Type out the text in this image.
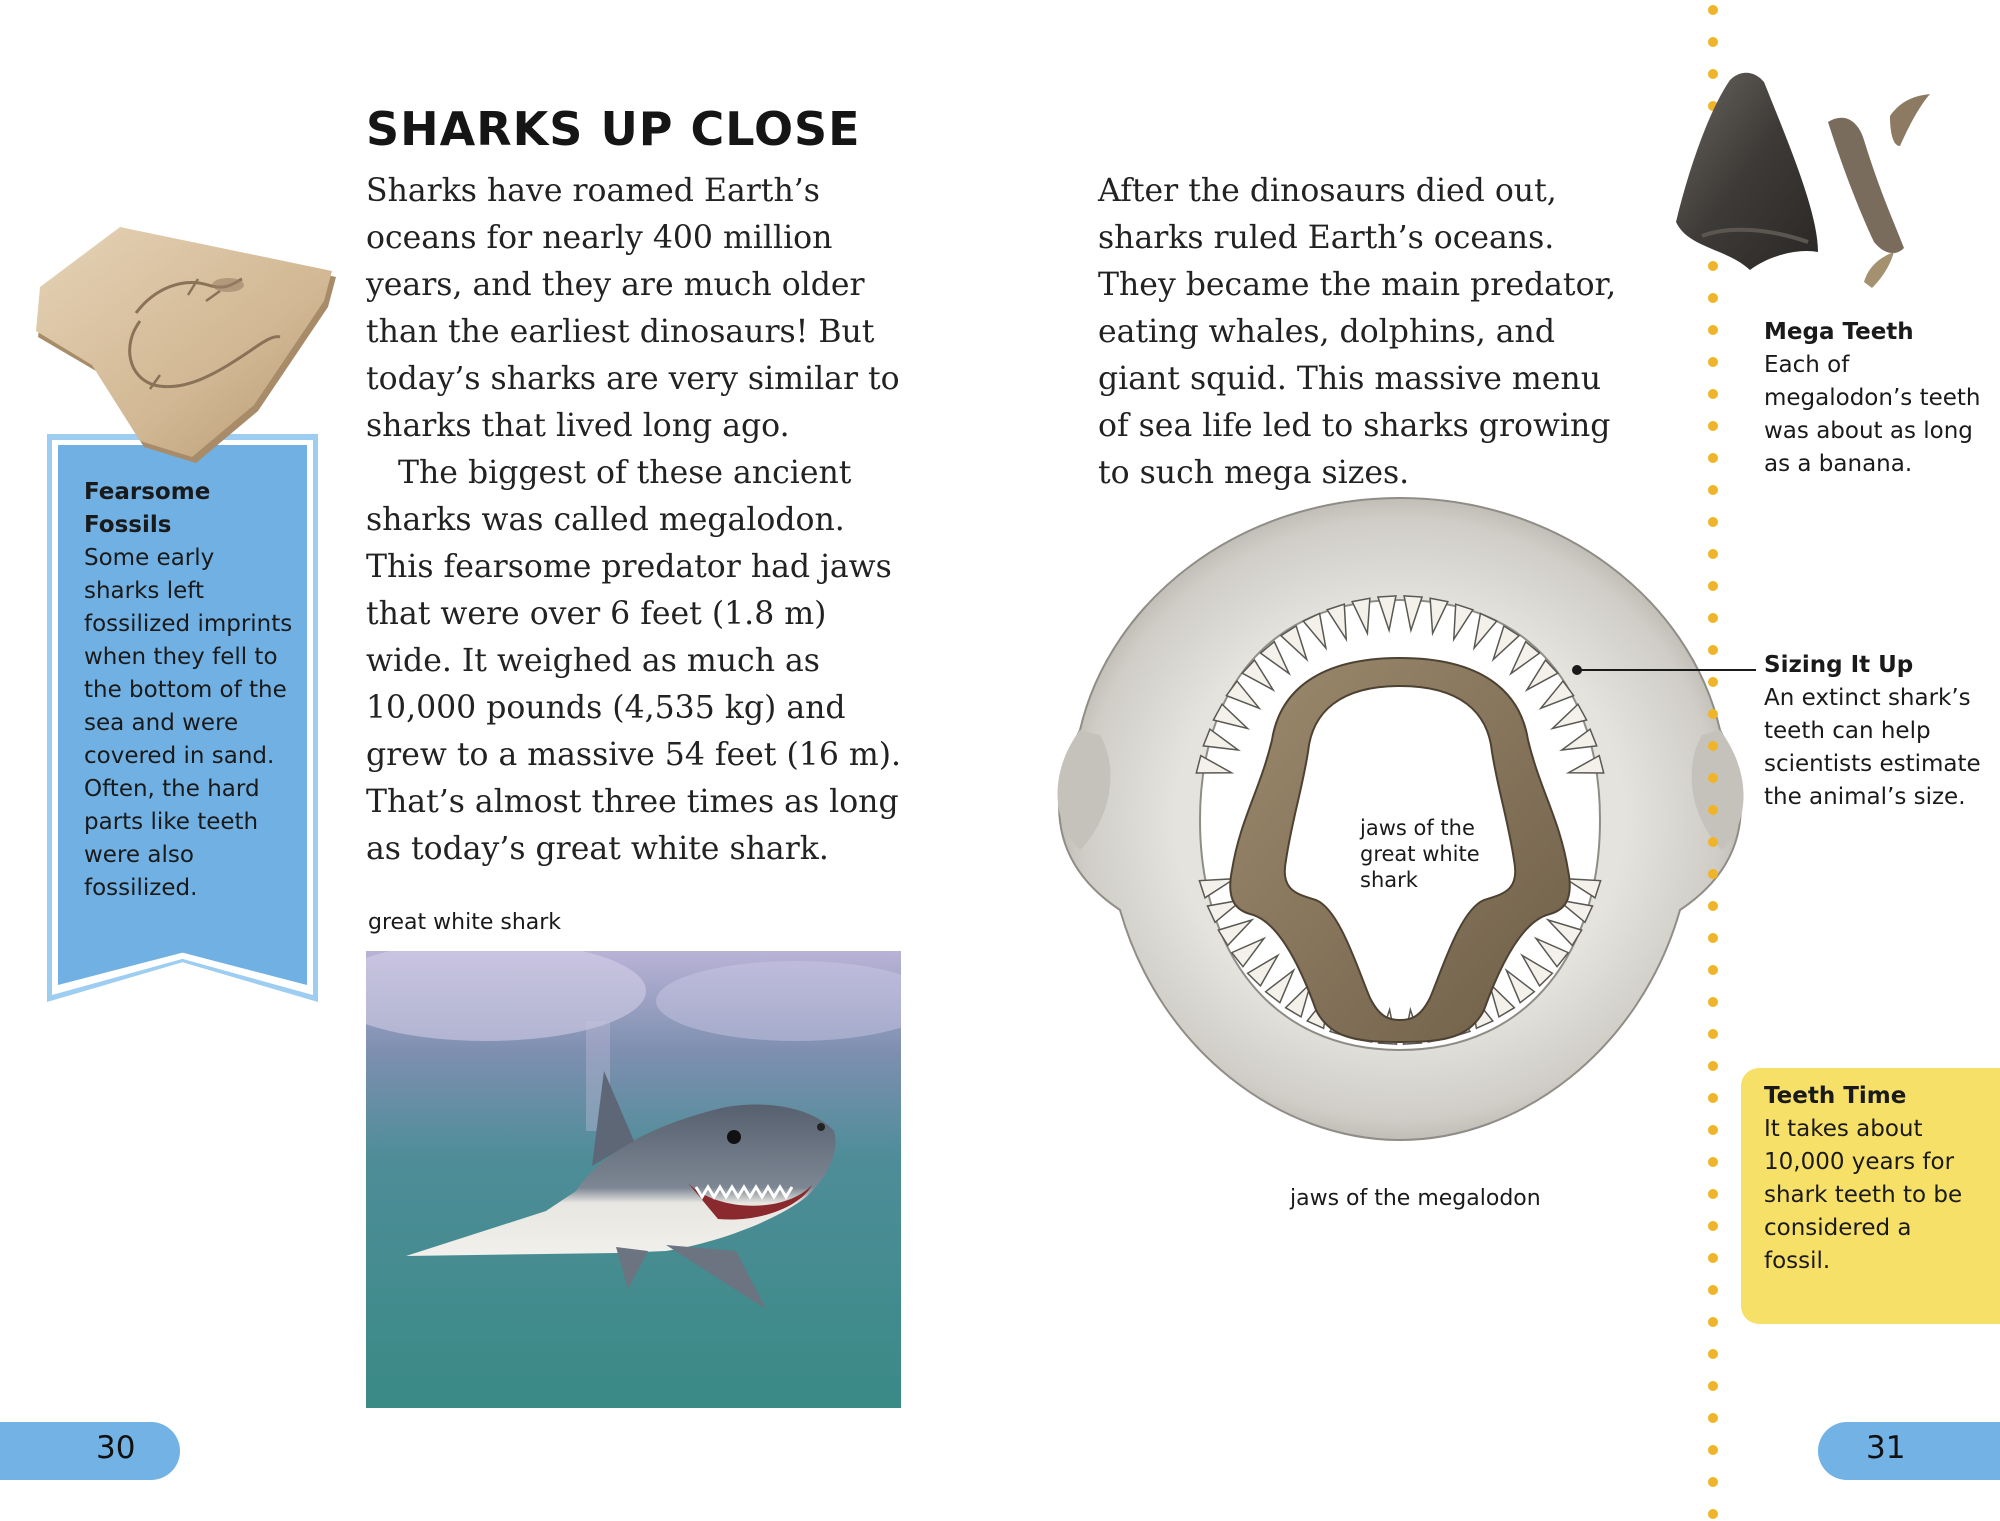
SHARKS UP CLOSE

Sharks have roamed Earth’s oceans for nearly 400 million years, and they are much older than the earliest dinosaurs! But today’s sharks are very similar to sharks that lived long ago.

The biggest of these ancient sharks was called megalodon. This fearsome predator had jaws that were over 6 feet (1.8 m) wide. It weighed as much as 10,000 pounds (4,535 kg) and grew to a massive 54 feet (16 m). That’s almost three times as long as today’s great white shark.

After the dinosaurs died out, sharks ruled Earth’s oceans. They became the main predator, eating whales, dolphins, and giant squid. This massive menu of sea life led to sharks growing to such mega sizes.

Fearsome Fossils
Some early sharks left fossilized imprints when they fell to the bottom of the sea and were covered in sand. Often, the hard parts like teeth were also fossilized.
great white shark
jaws of the great white shark
jaws of the megalodon
Mega Teeth
Each of megalodon’s teeth was about as long as a banana.
Sizing It Up
An extinct shark’s teeth can help scientists estimate the animal’s size.
Teeth Time
It takes about 10,000 years for shark teeth to be considered a fossil.
30	31
